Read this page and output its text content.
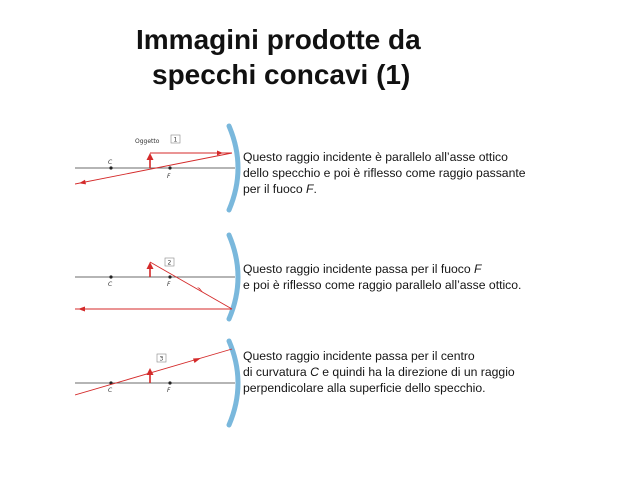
Immagini prodotte da
specchi concavi (1)
C
F
Oggetto 1
Questo raggio incidente è parallelo all’asse ottico
dello specchio e poi è riflesso come raggio passante
per il fuoco F.
C	F
2	Questo raggio incidente passa per il fuoco F
e poi è riflesso come raggio parallelo all’asse ottico.
C	F
3	Questo raggio incidente passa per il centro
di curvatura C e quindi ha la direzione di un raggio
perpendicolare alla superficie dello specchio.
